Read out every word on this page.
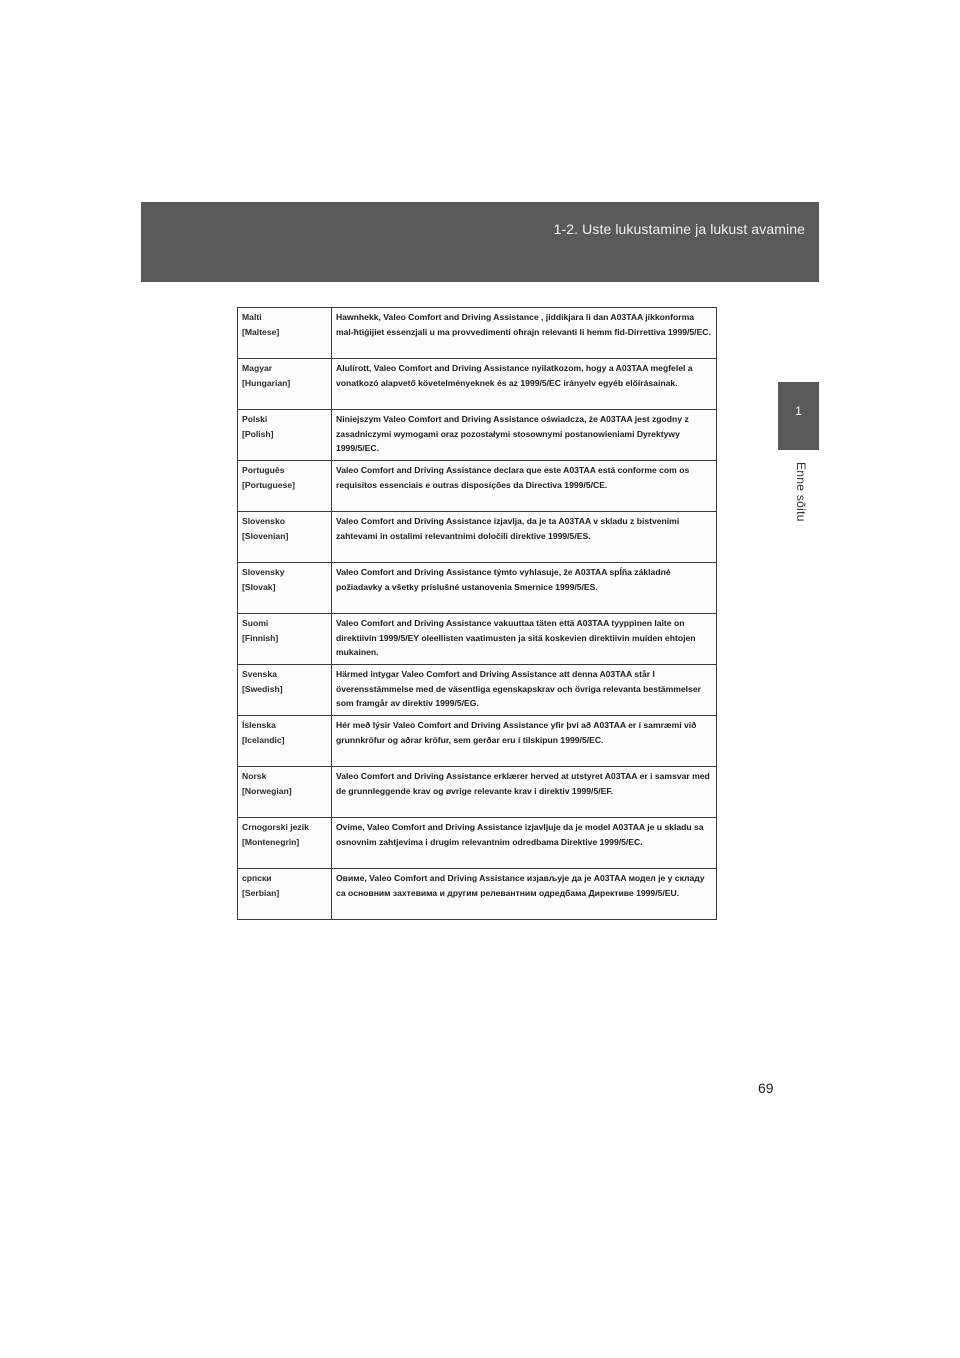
1-2. Uste lukustamine ja lukust avamine
1
Enne sõitu
Malti
[Maltese]	Hawnhekk, Valeo Comfort and Driving Assistance , jiddikjara li dan A03TAA jikkonforma mal-ħtiġijiet essenzjali u ma provvedimenti oħrajn relevanti li hemm fid-Dirrettiva 1999/5/EC.

Magyar
[Hungarian]	Alulírott, Valeo Comfort and Driving Assistance nyilatkozom, hogy a A03TAA megfelel a vonatkozó alapvető követelményeknek és az 1999/5/EC irányelv egyéb előírásainak.

Polski
[Polish]	Niniejszym Valeo Comfort and Driving Assistance oświadcza, że A03TAA jest zgodny z zasadniczymi wymogami oraz pozostałymi stosownymi postanowieniami Dyrektywy 1999/5/EC.

Português
[Portuguese]	Valeo Comfort and Driving Assistance declara que este A03TAA está conforme com os requisitos essenciais e outras disposições da Directiva 1999/5/CE.

Slovensko
[Slovenian]	Valeo Comfort and Driving Assistance izjavlja, da je ta A03TAA v skladu z bistvenimi zahtevami in ostalimi relevantnimi določili direktive 1999/5/ES.

Slovensky
[Slovak]	Valeo Comfort and Driving Assistance týmto vyhlasuje, že A03TAA spĺňa základné požiadavky a všetky príslušné ustanovenia Smernice 1999/5/ES.

Suomi
[Finnish]	Valeo Comfort and Driving Assistance vakuuttaa täten että A03TAA tyyppinen laite on direktiivin 1999/5/EY oleellisten vaatimusten ja sitä koskevien direktiivin muiden ehtojen mukainen.

Svenska
[Swedish]	Härmed intygar Valeo Comfort and Driving Assistance att denna A03TAA står I överensstämmelse med de väsentliga egenskapskrav och övriga relevanta bestämmelser som framgår av direktiv 1999/5/EG.

Íslenska
[Icelandic]	Hér með lýsir Valeo Comfort and Driving Assistance yfir því að A03TAA er í samræmi við grunnkröfur og aðrar kröfur, sem gerðar eru í tilskipun 1999/5/EC.

Norsk
[Norwegian]	Valeo Comfort and Driving Assistance erklærer herved at utstyret A03TAA er i samsvar med de grunnleggende krav og øvrige relevante krav i direktiv 1999/5/EF.

Crnogorski jezik
[Montenegrin]	Ovime, Valeo Comfort and Driving Assistance izjavljuje da je model A03TAA je u skladu sa osnovnim zahtjevima i drugim relevantnim odredbama Direktive 1999/5/EC.

српски
[Serbian]	Овиме, Valeo Comfort and Driving Assistance изјављује да је A03TAA модел је у складу са основним захтевима и другим релевантним одредбама Директиве 1999/5/EU.
69
